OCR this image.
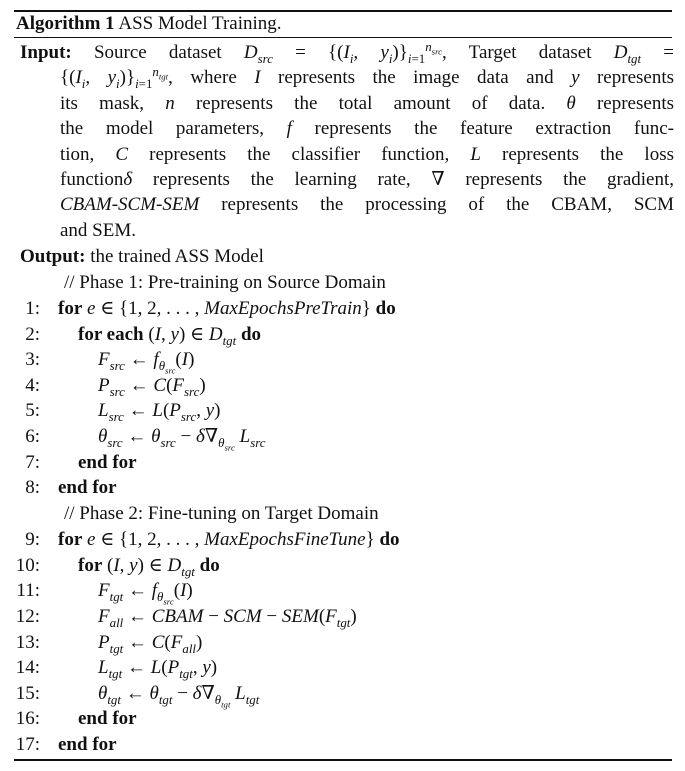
Algorithm 1 ASS Model Training.
Input: Source dataset $D_{src} = \{(I_i$, $y_i)\}_{i=1}^{n_{src}}$, Target dataset $D_{tgt}$ =
{($I_i$, $y_i)\}_{i=1}^{n_{tgt}}$, where I represents the image data and y represents
its mask, n represents the total amount of data. θ represents
the model parameters, f represents the feature extraction func-
tion, C represents the classifier function, L represents the loss
functionδ represents the learning rate, ∇ represents the gradient,
CBAM-SCM-SEM represents the processing of the CBAM, SCM
and SEM.
Output: the trained ASS Model
// Phase 1: Pre-training on Source Domain
// Phase 2: Fine-tuning on Target Domain
1: for e ∈ {1, 2, . . . , MaxEpochsPreTrain} do
2: for each (I, y) ∈ $D_{tgt}$ do
3:	$F_{src}$ ← $f_{\theta_{src}}(I)$
4:	$P_{src}$ ← $C(F_{src})$
5:	$L_{src}$ ← $L(P_{src}$, y)
6:	$\theta_{src}$ ← $\theta_{src} - \delta\nabla_{\theta_{src}}$ $L_{src}$
7: end for
8: end for
9: for e ∈ {1, 2, . . . , MaxEpochsFineTune} do
10: for (I, y) ∈ $D_{tgt}$ do
11:	$F_{tgt}$ ← $f_{\theta_{src}}(I)$
12:	$F_{all}$ ← CBAM − SCM − $SEM(F_{tgt})$
13:	$P_{tgt}$ ← $C(F_{all})$
14:	$L_{tgt}$ ← $L(P_{tgt}$, y)
15:	$\theta_{tgt}$ ← $\theta_{tgt} - \delta\nabla_{\theta_{tgt}}$ $L_{tgt}$
16: end for
17: end for
